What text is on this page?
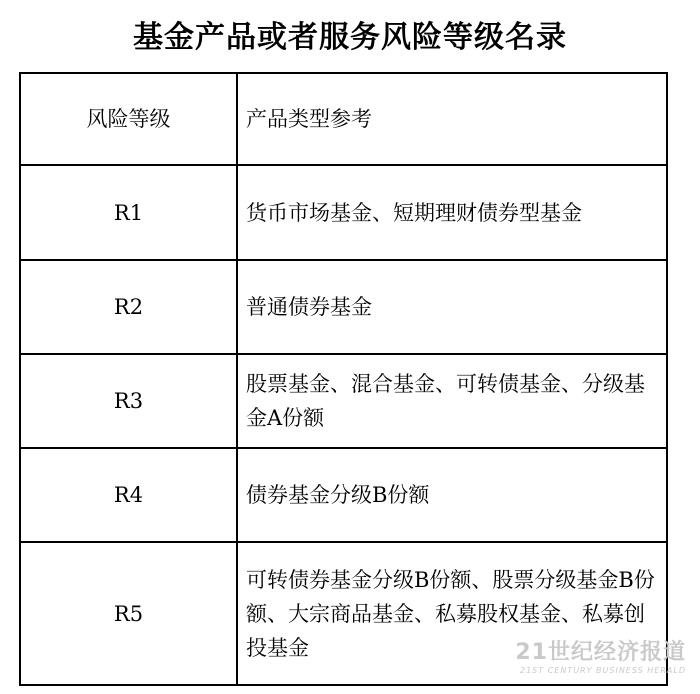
基金产品或者服务风险等级名录
风险等级	产品类型参考
R1	货币市场基金、短期理财债券型基金
R2	普通债券基金
R3	股票基金、混合基金、可转债基金、分级基金A份额
R4	债券基金分级B份额
R5	可转债券基金分级B份额、股票分级基金B份额、大宗商品基金、私募股权基金、私募创投基金	21世纪经济报道
21ST CENTURY BUSINESS HERALD
